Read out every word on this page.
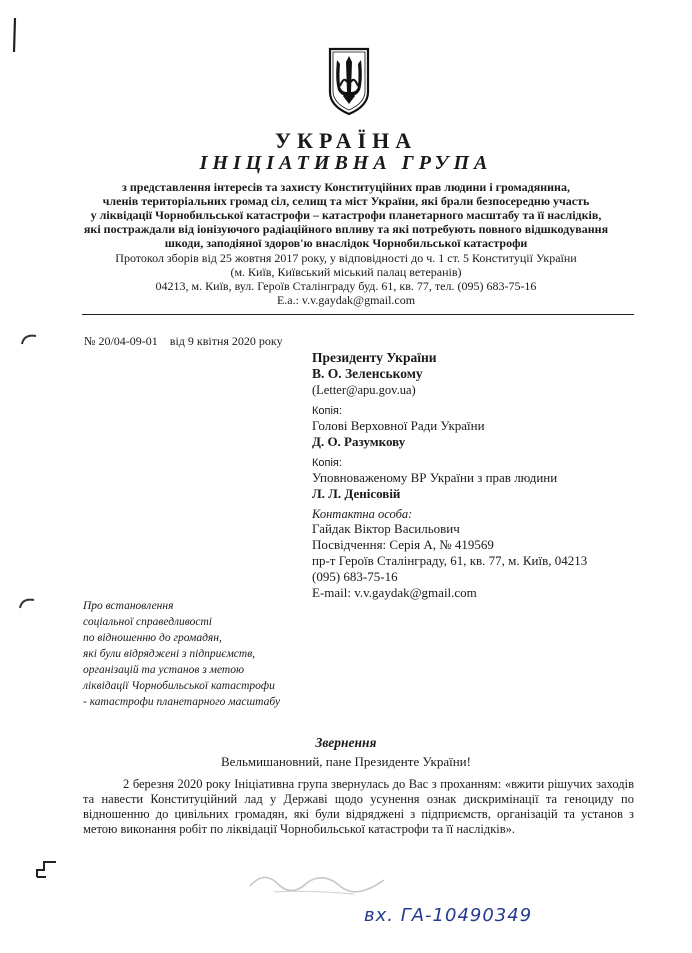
УКРАЇНА
ІНІЦІАТИВНА ГРУПА
з представлення інтересів та захисту Конституційних прав людини і громадянина,
членів територіальних громад сіл, селищ та міст України, які брали безпосередню участь
у ліквідації Чорнобильської катастрофи – катастрофи планетарного масштабу та її наслідків,
які постраждали від іонізуючого радіаційного впливу та які потребують повного відшкодування
шкоди, заподіяної здоров'ю внаслідок Чорнобильської катастрофи
Протокол зборів від 25 жовтня 2017 року, у відповідності до ч. 1 ст. 5 Конституції України
(м. Київ, Київський міський палац ветеранів)
04213, м. Київ, вул. Героїв Сталінграду буд. 61, кв. 77, тел. (095) 683-75-16
E.a.: v.v.gaydak@gmail.com
№ 20/04-09-01 від 9 квітня 2020 року
Президенту України
В. О. Зеленському
(Letter@apu.gov.ua)
Копія:
Голові Верховної Ради України
Д. О. Разумкову
Копія:
Уповноваженому ВР України з прав людини
Л. Л. Денісовій
Контактна особа:
Гайдак Віктор Васильович
Посвідчення: Серія А, № 419569
пр-т Героїв Сталінграду, 61, кв. 77, м. Київ, 04213
(095) 683-75-16
E-mail: v.v.gaydak@gmail.com
Про встановлення
соціальної справедливості
по відношенню до громадян,
які були відряджені з підприємств,
організацій та установ з метою
ліквідації Чорнобильської катастрофи
- катастрофи планетарного масштабу
Звернення
Вельмишановний, пане Президенте України!
2 березня 2020 року Ініціативна група звернулась до Вас з проханням: «вжити рішучих заходів та навести Конституційний лад у Державі щодо усунення ознак дискримінації та геноциду по відношенню до цивільних громадян, які були відряджені з підприємств, організацій та установ з метою виконання робіт по ліквідації Чорнобильської катастрофи та її наслідків».
вх. ГА-10490349
